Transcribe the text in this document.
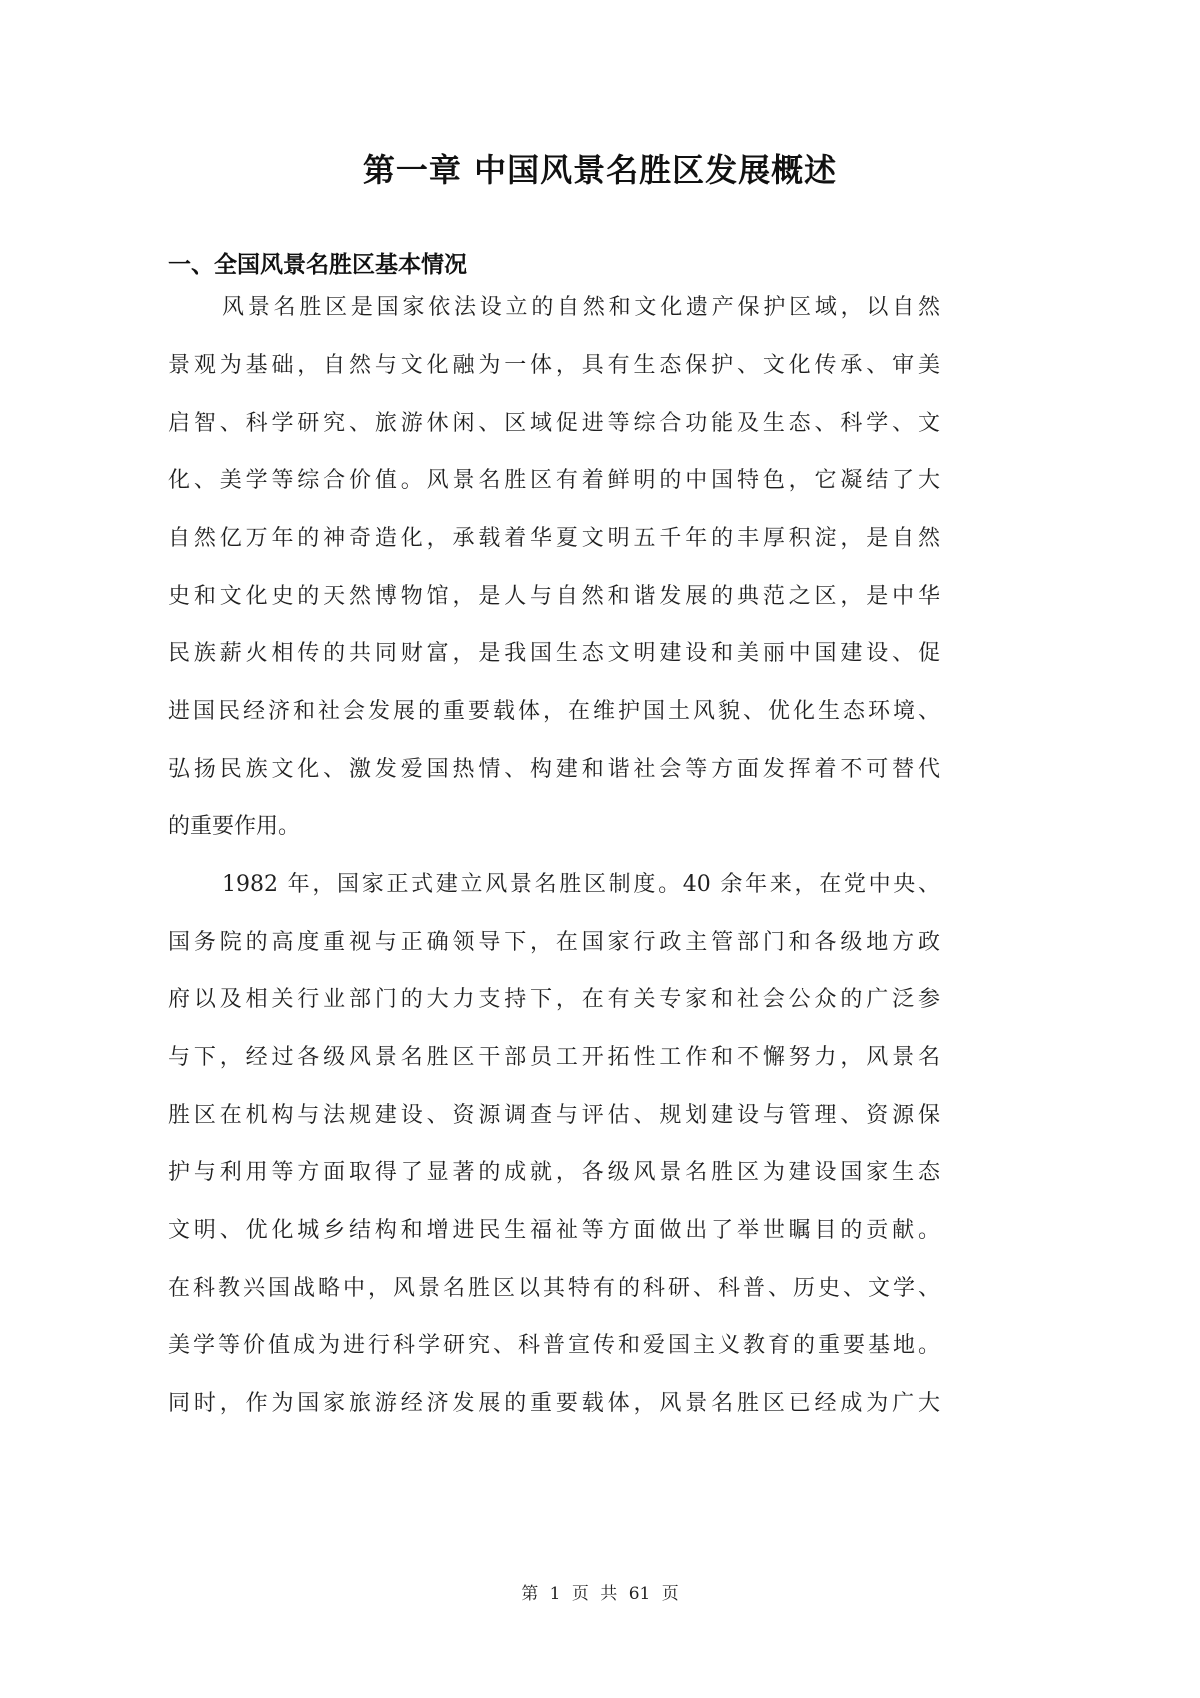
第一章 中国风景名胜区发展概述
一、全国风景名胜区基本情况
风景名胜区是国家依法设立的自然和文化遗产保护区域，以自然
景观为基础，自然与文化融为一体，具有生态保护、文化传承、审美
启智、科学研究、旅游休闲、区域促进等综合功能及生态、科学、文
化、美学等综合价值。风景名胜区有着鲜明的中国特色，它凝结了大
自然亿万年的神奇造化，承载着华夏文明五千年的丰厚积淀，是自然
史和文化史的天然博物馆，是人与自然和谐发展的典范之区，是中华
民族薪火相传的共同财富，是我国生态文明建设和美丽中国建设、促
进国民经济和社会发展的重要载体，在维护国土风貌、优化生态环境、
弘扬民族文化、激发爱国热情、构建和谐社会等方面发挥着不可替代
的重要作用。
1982 年，国家正式建立风景名胜区制度。40 余年来，在党中央、
国务院的高度重视与正确领导下，在国家行政主管部门和各级地方政
府以及相关行业部门的大力支持下，在有关专家和社会公众的广泛参
与下，经过各级风景名胜区干部员工开拓性工作和不懈努力，风景名
胜区在机构与法规建设、资源调查与评估、规划建设与管理、资源保
护与利用等方面取得了显著的成就，各级风景名胜区为建设国家生态
文明、优化城乡结构和增进民生福祉等方面做出了举世瞩目的贡献。
在科教兴国战略中，风景名胜区以其特有的科研、科普、历史、文学、
美学等价值成为进行科学研究、科普宣传和爱国主义教育的重要基地。
同时，作为国家旅游经济发展的重要载体，风景名胜区已经成为广大
第 1 页 共 61 页
